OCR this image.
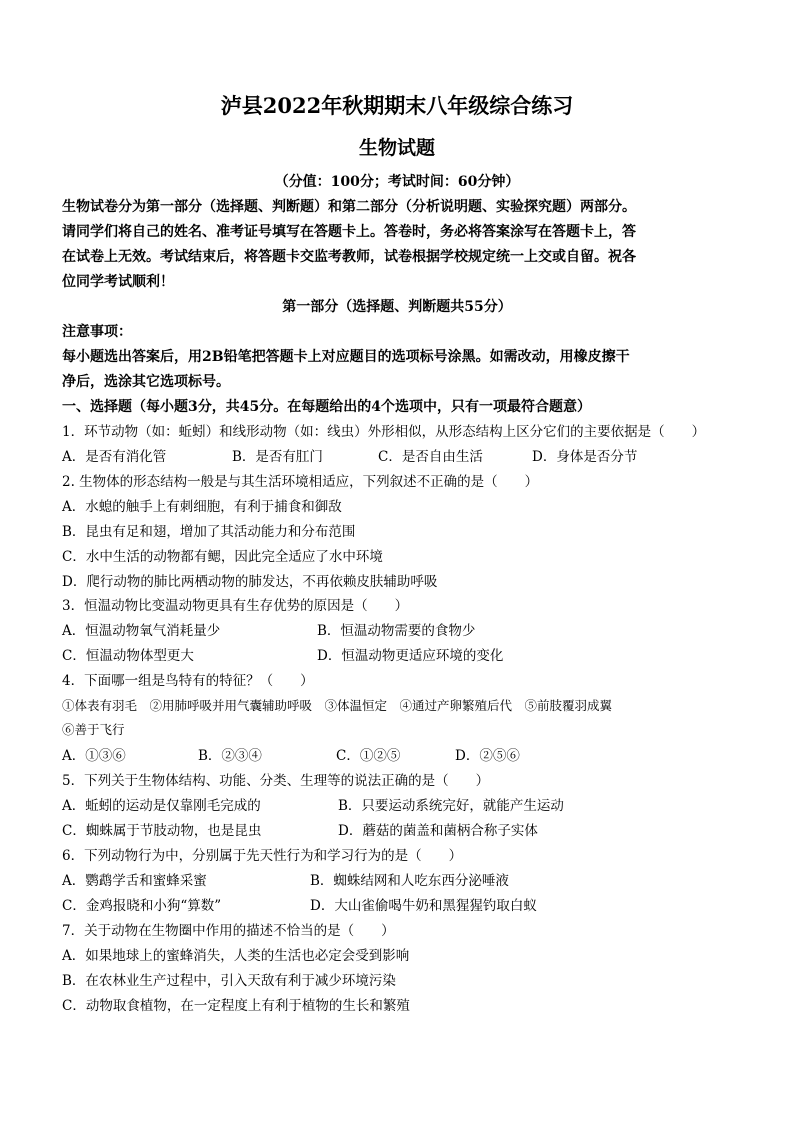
泸县2022年秋期期末八年级综合练习
生物试题
（分值：100分；考试时间：60分钟）
生物试卷分为第一部分（选择题、判断题）和第二部分（分析说明题、实验探究题）两部分。
请同学们将自己的姓名、准考证号填写在答题卡上。答卷时，务必将答案涂写在答题卡上，答
在试卷上无效。考试结束后，将答题卡交监考教师，试卷根据学校规定统一上交或自留。祝各
位同学考试顺利！
第一部分（选择题、判断题共55分）
注意事项：
每小题选出答案后，用2B铅笔把答题卡上对应题目的选项标号涂黑。如需改动，用橡皮擦干
净后，选涂其它选项标号。
一、选择题（每小题3分，共45分。在每题给出的4个选项中，只有一项最符合题意）
1．环节动物（如：蚯蚓）和线形动物（如：线虫）外形相似，从形态结构上区分它们的主要依据是（　　）
A．是否有消化管	B．是否有肛门	C．是否自由生活	D．身体是否分节
2. 生物体的形态结构一般是与其生活环境相适应，下列叙述不正确的是（　　）
A．水螅的触手上有刺细胞，有利于捕食和御敌
B．昆虫有足和翅，增加了其活动能力和分布范围
C．水中生活的动物都有鳃，因此完全适应了水中环境
D．爬行动物的肺比两栖动物的肺发达，不再依赖皮肤辅助呼吸
3．恒温动物比变温动物更具有生存优势的原因是（　　）
A．恒温动物氧气消耗量少	B．恒温动物需要的食物少
C．恒温动物体型更大	D．恒温动物更适应环境的变化
4．下面哪一组是鸟特有的特征？（　　）
①体表有羽毛　②用肺呼吸并用气囊辅助呼吸　③体温恒定　④通过产卵繁殖后代　⑤前肢覆羽成翼
⑥善于飞行
A．①③⑥	B．②③④	C．①②⑤	D．②⑤⑥
5．下列关于生物体结构、功能、分类、生理等的说法正确的是（　　）
A．蚯蚓的运动是仅靠刚毛完成的	B．只要运动系统完好，就能产生运动
C．蜘蛛属于节肢动物，也是昆虫	D．蘑菇的菌盖和菌柄合称子实体
6．下列动物行为中，分别属于先天性行为和学习行为的是（　　）
A．鹦鹉学舌和蜜蜂采蜜	B．蜘蛛结网和人吃东西分泌唾液
C．金鸡报晓和小狗“算数”	D．大山雀偷喝牛奶和黑猩猩钓取白蚁
7．关于动物在生物圈中作用的描述不恰当的是（　　）
A．如果地球上的蜜蜂消失，人类的生活也必定会受到影响
B．在农林业生产过程中，引入天敌有利于减少环境污染
C．动物取食植物，在一定程度上有利于植物的生长和繁殖
